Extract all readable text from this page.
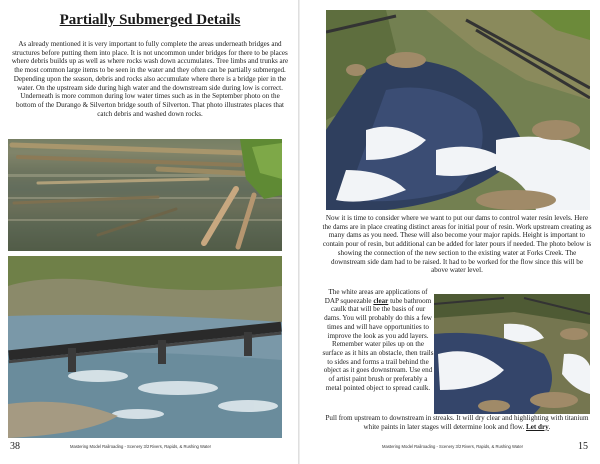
Partially Submerged Details

As already mentioned it is very important to fully complete the areas underneath bridges and structures before putting them into place. It is not uncommon under bridges for there to be places where debris builds up as well as where rocks wash down accumulates. Tree limbs and trunks are the most common large items to be seen in the water and they often can be partially submerged. Depending upon the season, debris and rocks also accumulate where there is a bridge pier in the water. On the upstream side during high water and the downstream side during low is correct. Underneath is more common during low water times such as in the September photo on the bottom of the Durango & Silverton bridge south of Silverton. That photo illustrates places that catch debris and washed down rocks.

38	Mastering Model Railroading - Scenery 3/2 Rivers, Rapids, & Rushing Water

Now it is time to consider where we want to put our dams to control water resin levels. Here the dams are in place creating distinct areas for initial pour of resin. Work upstream creating as many dams as you need. These will also become your major rapids. Height is important to contain pour of resin, but additional can be added for later pours if needed. The photo below is showing the connection of the new section to the existing water at Forks Creek. The downstream side dam had to be raised. It had to be worked for the flow since this will be above water level.

The white areas are applications of DAP squeezable clear tube bathroom caulk that will be the basis of our dams. You will probably do this a few times and will have opportunities to improve the look as you add layers. Remember water piles up on the surface as it hits an obstacle, then trails to sides and forms a trail behind the object as it goes downstream. Use end of artist paint brush or preferably a metal pointed object to spread caulk.

Pull from upstream to downstream in streaks. It will dry clear and highlighting with titanium white paints in later stages will determine look and flow. Let dry.

Mastering Model Railroading - Scenery 3/2 Rivers, Rapids, & Rushing Water	15
